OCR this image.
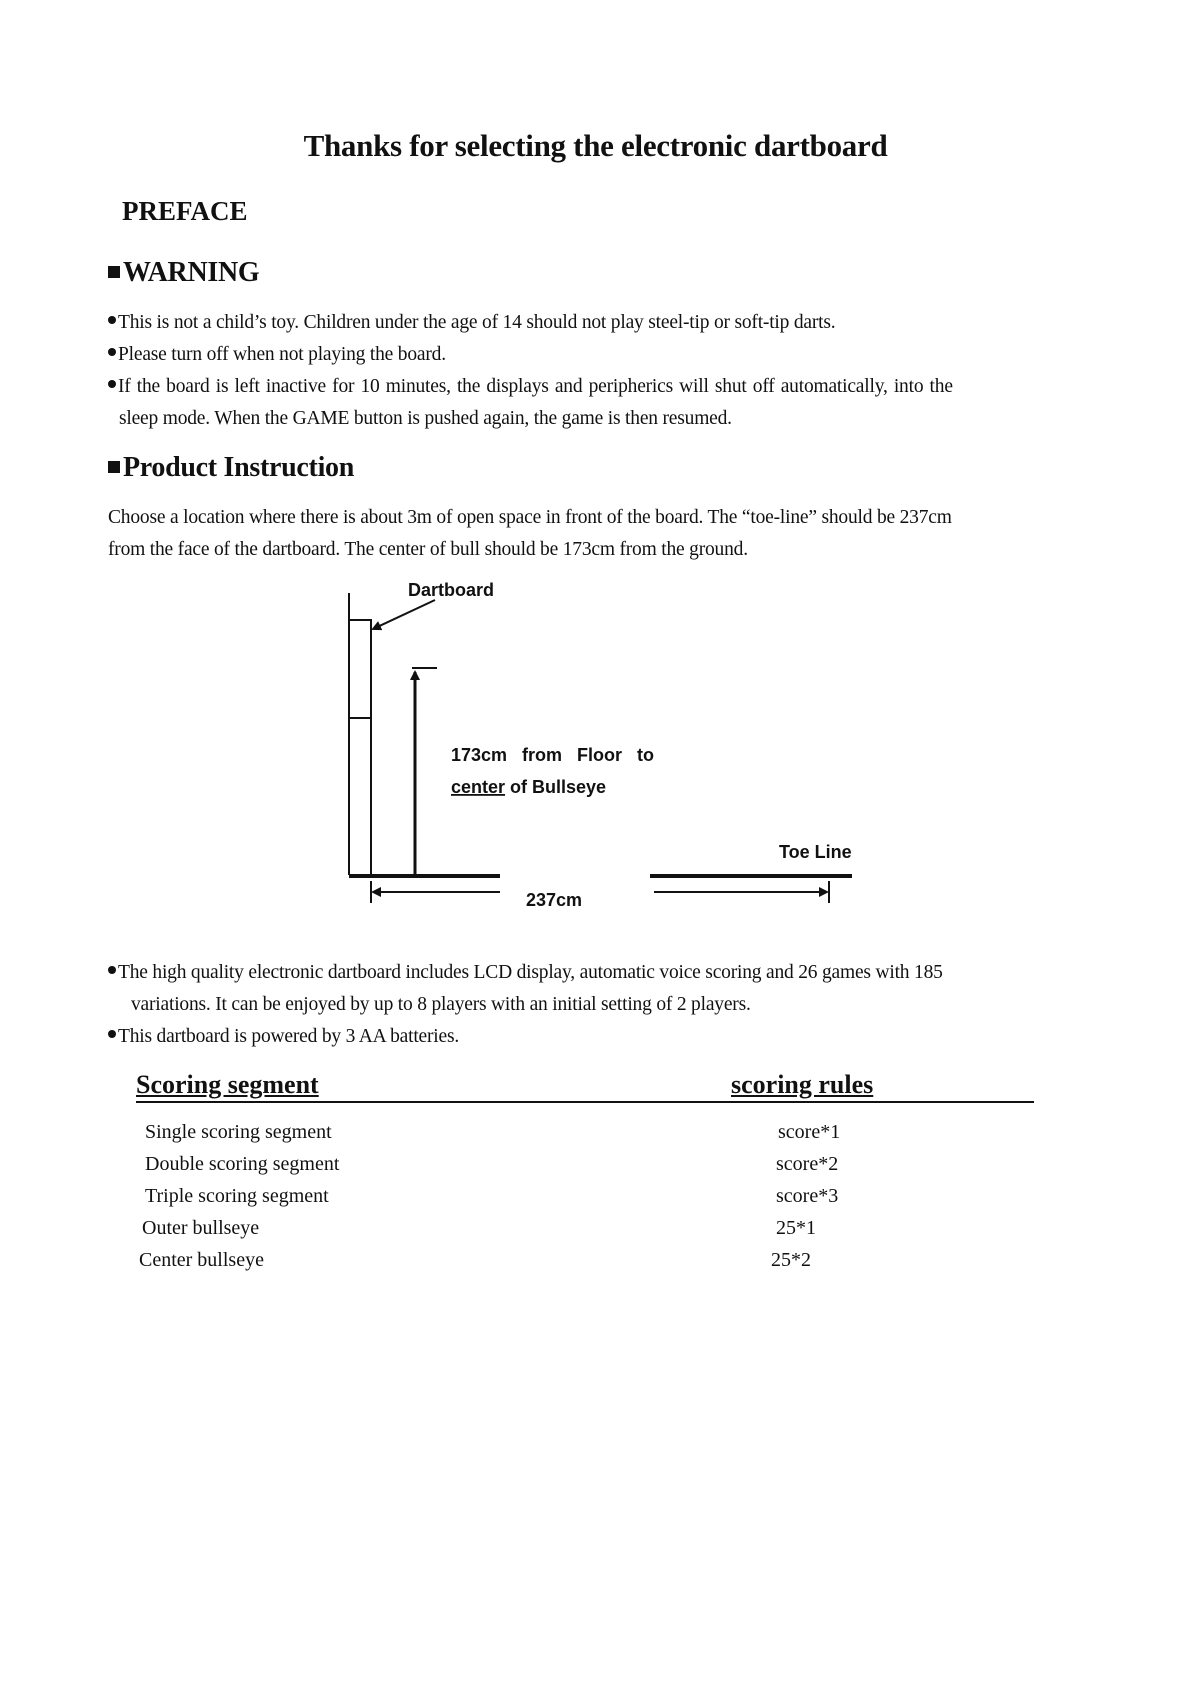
Thanks for selecting the electronic dartboard
PREFACE
WARNING
This is not a child’s toy. Children under the age of 14 should not play steel-tip or soft-tip darts.
Please turn off when not playing the board.
If the board is left inactive for 10 minutes, the displays and peripherics will shut off automatically, into the
sleep mode. When the GAME button is pushed again, the game is then resumed.
Product Instruction
Choose a location where there is about 3m of open space in front of the board. The “toe-line” should be 237cm
from the face of the dartboard. The center of bull should be 173cm from the ground.
Dartboard
173cm   from   Floor   to
center of Bullseye
Toe Line
237cm
The high quality electronic dartboard includes LCD display, automatic voice scoring and 26 games with 185
variations. It can be enjoyed by up to 8 players with an initial setting of 2 players.
This dartboard is powered by 3 AA batteries.
Scoring segment	scoring rules
Single scoring segment	score*1
Double scoring segment	score*2
Triple scoring segment	score*3
Outer bullseye	25*1
Center bullseye	25*2
